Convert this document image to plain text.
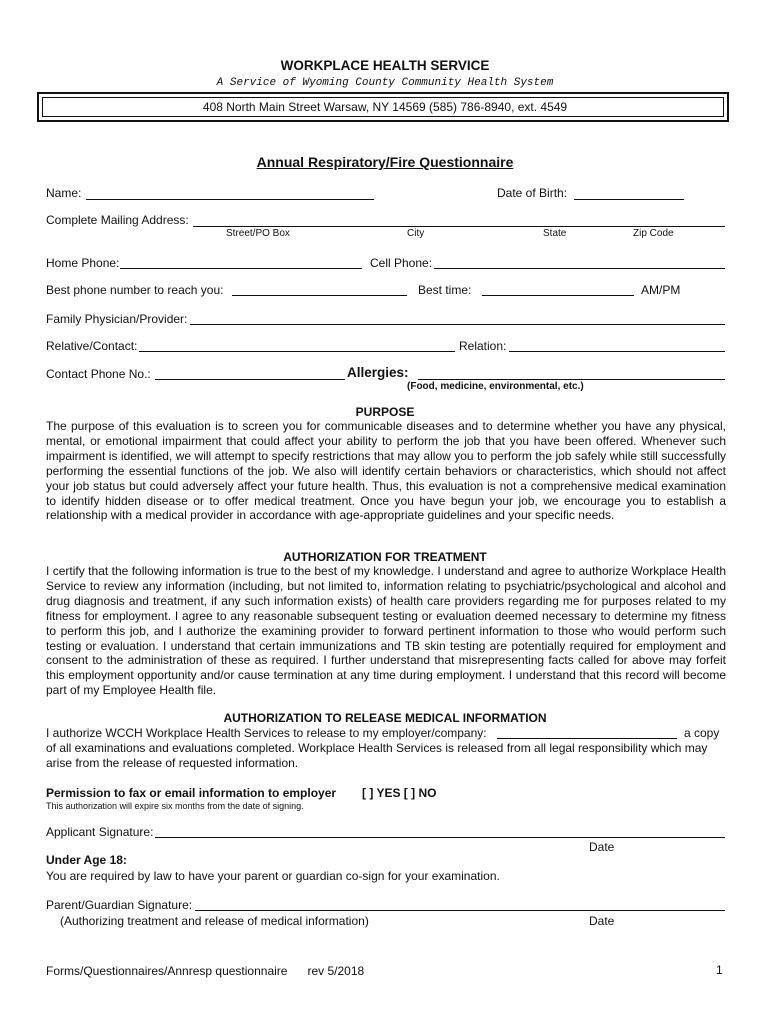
WORKPLACE HEALTH SERVICE
A Service of Wyoming County Community Health System
408 North Main Street Warsaw, NY 14569 (585) 786-8940, ext. 4549
Annual Respiratory/Fire Questionnaire
Name:	Date of Birth:
Complete Mailing Address:
Street/PO Box	City	State	Zip Code
Home Phone:	Cell Phone:
Best phone number to reach you:	Best time:	AM/PM
Family Physician/Provider:
Relative/Contact:	Relation:
Contact Phone No.:	Allergies:
(Food, medicine, environmental, etc.)
PURPOSE
The purpose of this evaluation is to screen you for communicable diseases and to determine whether you have any physical, mental, or emotional impairment that could affect your ability to perform the job that you have been offered. Whenever such impairment is identified, we will attempt to specify restrictions that may allow you to perform the job safely while still successfully performing the essential functions of the job. We also will identify certain behaviors or characteristics, which should not affect your job status but could adversely affect your future health. Thus, this evaluation is not a comprehensive medical examination to identify hidden disease or to offer medical treatment. Once you have begun your job, we encourage you to establish a relationship with a medical provider in accordance with age-appropriate guidelines and your specific needs.
AUTHORIZATION FOR TREATMENT
I certify that the following information is true to the best of my knowledge. I understand and agree to authorize Workplace Health Service to review any information (including, but not limited to, information relating to psychiatric/psychological and alcohol and drug diagnosis and treatment, if any such information exists) of health care providers regarding me for purposes related to my fitness for employment. I agree to any reasonable subsequent testing or evaluation deemed necessary to determine my fitness to perform this job, and I authorize the examining provider to forward pertinent information to those who would perform such testing or evaluation. I understand that certain immunizations and TB skin testing are potentially required for employment and consent to the administration of these as required. I further understand that misrepresenting facts called for above may forfeit this employment opportunity and/or cause termination at any time during employment. I understand that this record will become part of my Employee Health file.
AUTHORIZATION TO RELEASE MEDICAL INFORMATION
I authorize WCCH Workplace Health Services to release to my employer/company:	a copy
of all examinations and evaluations completed. Workplace Health Services is released from all legal responsibility which may
arise from the release of requested information.
Permission to fax or email information to employer [ ] YES [ ] NO
This authorization will expire six months from the date of signing.
Applicant Signature:
Date
Under Age 18:
You are required by law to have your parent or guardian co-sign for your examination.
Parent/Guardian Signature:
(Authorizing treatment and release of medical information)	Date
Forms/Questionnaires/Annresp questionnaire      rev 5/2018	1
